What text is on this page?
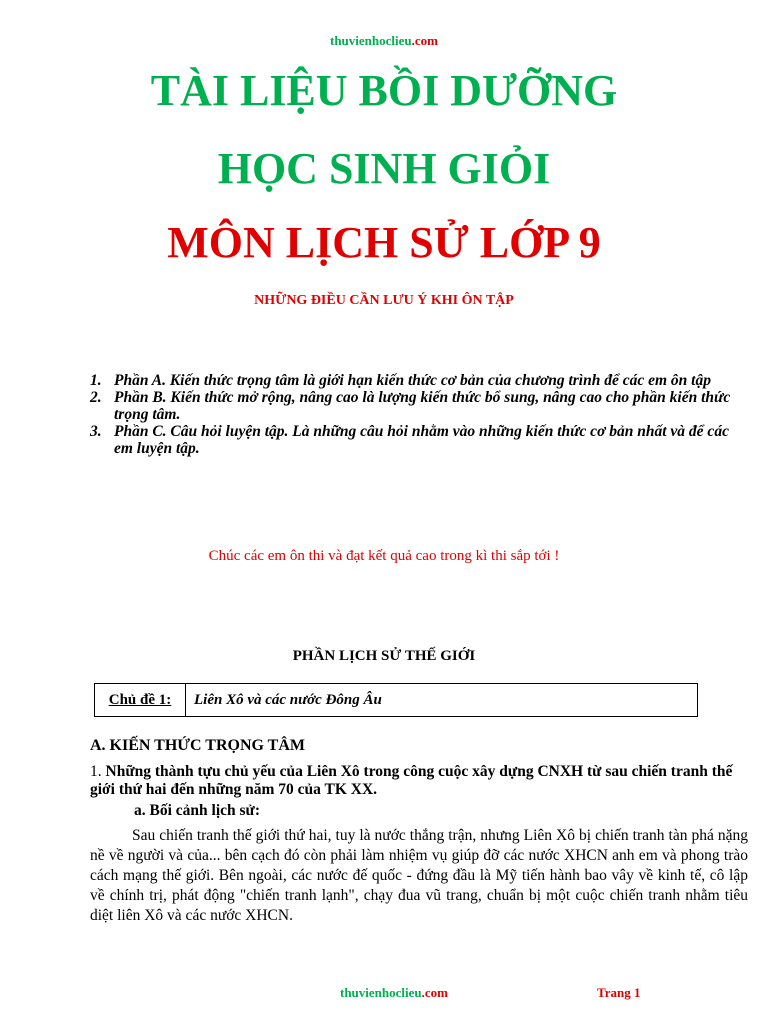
thuvienhoclieu.com
TÀI LIỆU BỒI DƯỠNG
HỌC SINH GIỎI
MÔN LỊCH SỬ LỚP 9
NHỮNG ĐIỀU CẦN LƯU Ý KHI ÔN TẬP
1. Phần A. Kiến thức trọng tâm là giới hạn kiến thức cơ bản của chương trình để các em ôn tập
2. Phần B. Kiến thức mở rộng, nâng cao là lượng kiến thức bổ sung, nâng cao cho phần kiến thức trọng tâm.
3. Phần C. Câu hỏi luyện tập. Là những câu hỏi nhằm vào những kiến thức cơ bản nhất và để các em luyện tập.
Chúc các em ôn thi và đạt kết quả cao trong kì thi sắp tới !
PHẦN LỊCH SỬ THẾ GIỚI
Chủ đề 1:	Liên Xô và các nước Đông Âu
A. KIẾN THỨC TRỌNG TÂM
1. Những thành tựu chủ yếu của Liên Xô trong công cuộc xây dựng CNXH từ sau chiến tranh thế giới thứ hai đến những năm 70 của TK XX.
a. Bối cảnh lịch sử:
Sau chiến tranh thế giới thứ hai, tuy là nước thắng trận, nhưng Liên Xô bị chiến tranh tàn phá nặng nề về người và của... bên cạch đó còn phải làm nhiệm vụ giúp đỡ các nước XHCN anh em và phong trào cách mạng thế giới. Bên ngoài, các nước đế quốc - đứng đầu là Mỹ tiến hành bao vây về kinh tế, cô lập về chính trị, phát động "chiến tranh lạnh", chạy đua vũ trang, chuẩn bị một cuộc chiến tranh nhằm tiêu diệt liên Xô và các nước XHCN.
thuvienhoclieu.com	Trang 1
